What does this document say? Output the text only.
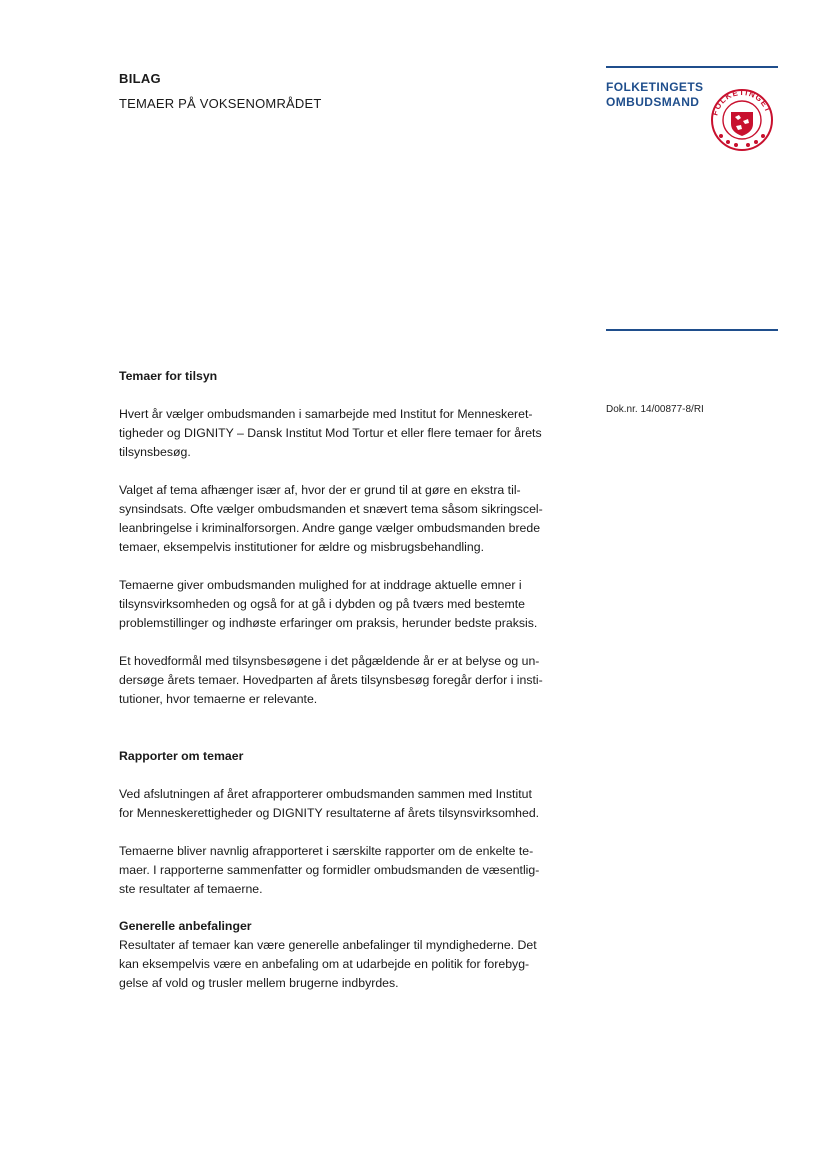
BILAG
TEMAER PÅ VOKSENOMRÅDET
FOLKETINGETS
OMBUDSMAND
FOLKETINGET
Dok.nr. 14/00877-8/RI
Temaer for tilsyn

Hvert år vælger ombudsmanden i samarbejde med Institut for Menneskeret-
tigheder og DIGNITY – Dansk Institut Mod Tortur et eller flere temaer for årets
tilsynsbesøg.

Valget af tema afhænger især af, hvor der er grund til at gøre en ekstra til-
synsindsats. Ofte vælger ombudsmanden et snævert tema såsom sikringscel-
leanbringelse i kriminalforsorgen. Andre gange vælger ombudsmanden brede
temaer, eksempelvis institutioner for ældre og misbrugsbehandling.

Temaerne giver ombudsmanden mulighed for at inddrage aktuelle emner i
tilsynsvirksomheden og også for at gå i dybden og på tværs med bestemte
problemstillinger og indhøste erfaringer om praksis, herunder bedste praksis.

Et hovedformål med tilsynsbesøgene i det pågældende år er at belyse og un-
dersøge årets temaer. Hovedparten af årets tilsynsbesøg foregår derfor i insti-
tutioner, hvor temaerne er relevante.

Rapporter om temaer

Ved afslutningen af året afrapporterer ombudsmanden sammen med Institut
for Menneskerettigheder og DIGNITY resultaterne af årets tilsynsvirksomhed.

Temaerne bliver navnlig afrapporteret i særskilte rapporter om de enkelte te-
maer. I rapporterne sammenfatter og formidler ombudsmanden de væsentlig-
ste resultater af temaerne.

Generelle anbefalinger

Resultater af temaer kan være generelle anbefalinger til myndighederne. Det
kan eksempelvis være en anbefaling om at udarbejde en politik for forebyg-
gelse af vold og trusler mellem brugerne indbyrdes.
